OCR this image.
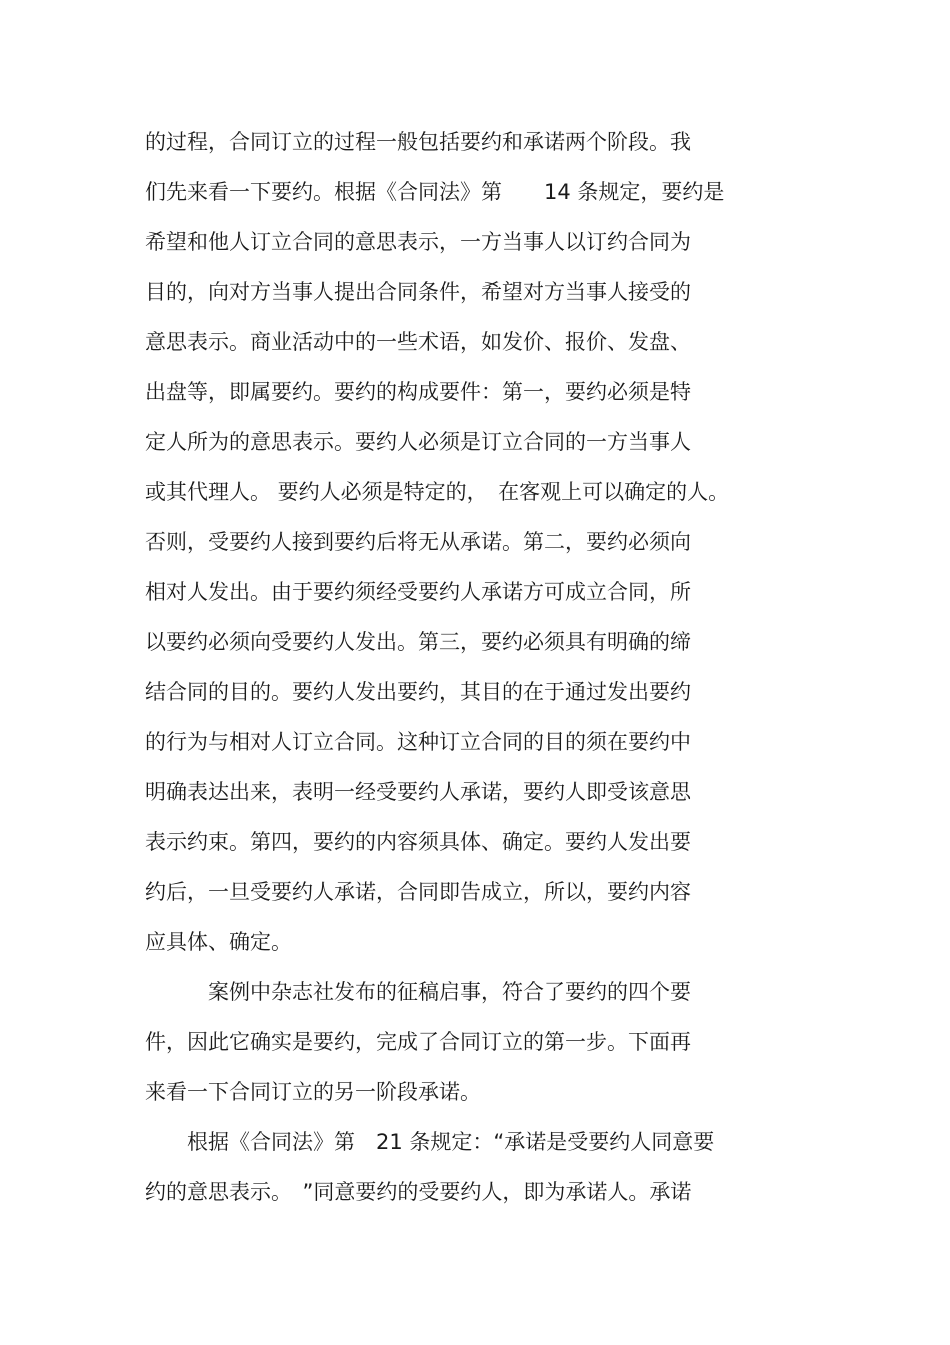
的过程，合同订立的过程一般包括要约和承诺两个阶段。我
们先来看一下要约。根据《合同法》第　　14 条规定，要约是
希望和他人订立合同的意思表示，一方当事人以订约合同为
目的，向对方当事人提出合同条件，希望对方当事人接受的
意思表示。商业活动中的一些术语，如发价、报价、发盘、
出盘等，即属要约。要约的构成要件：第一，要约必须是特
定人所为的意思表示。要约人必须是订立合同的一方当事人
或其代理人。 要约人必须是特定的，　在客观上可以确定的人。
否则，受要约人接到要约后将无从承诺。第二，要约必须向
相对人发出。由于要约须经受要约人承诺方可成立合同，所
以要约必须向受要约人发出。第三，要约必须具有明确的缔
结合同的目的。要约人发出要约，其目的在于通过发出要约
的行为与相对人订立合同。这种订立合同的目的须在要约中
明确表达出来，表明一经受要约人承诺，要约人即受该意思
表示约束。第四，要约的内容须具体、确定。要约人发出要
约后，一旦受要约人承诺，合同即告成立，所以，要约内容
应具体、确定。
　　　案例中杂志社发布的征稿启事，符合了要约的四个要
件，因此它确实是要约，完成了合同订立的第一步。下面再
来看一下合同订立的另一阶段承诺。
　　根据《合同法》第　21 条规定：“承诺是受要约人同意要
约的意思表示。　”同意要约的受要约人，即为承诺人。承诺
